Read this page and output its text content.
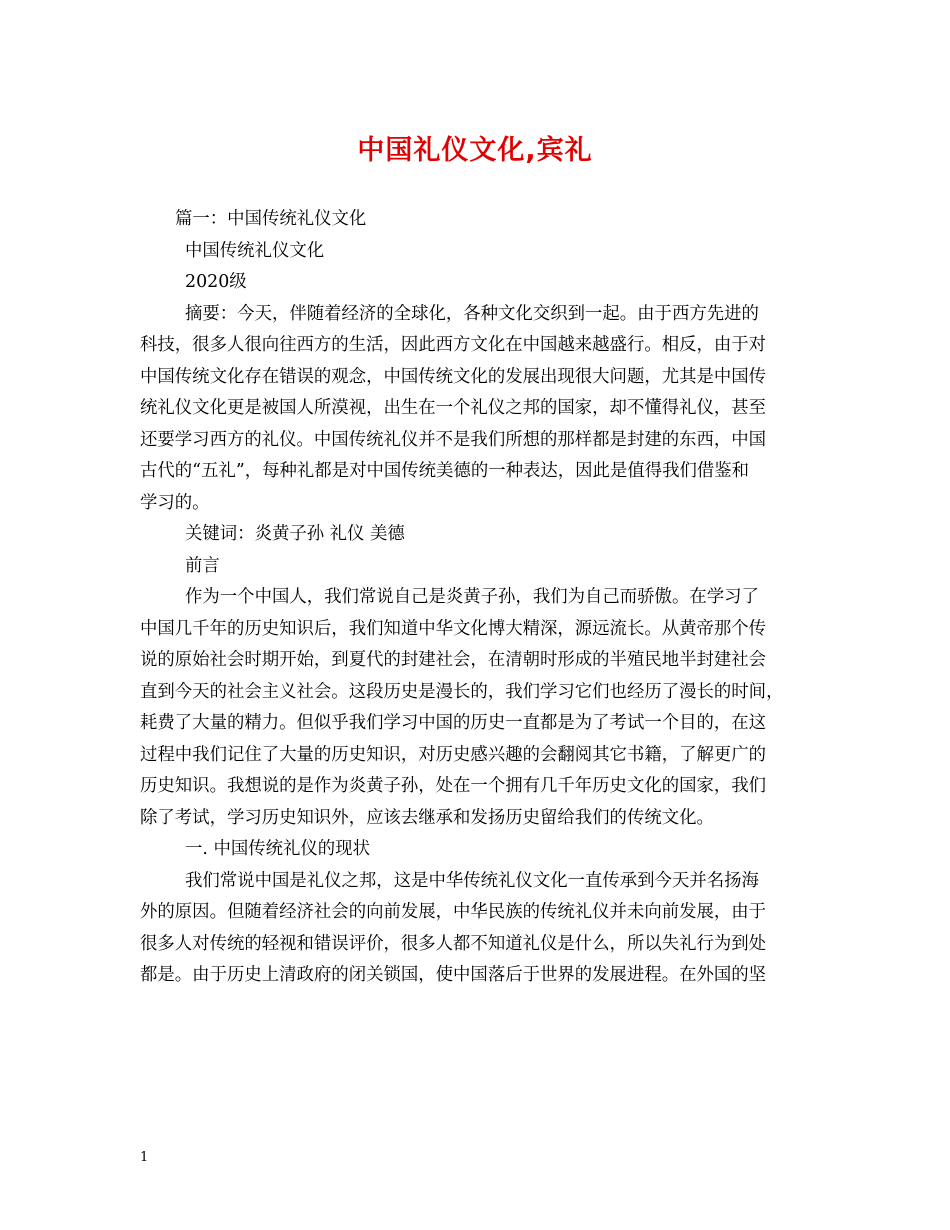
中国礼仪文化,宾礼
篇一：中国传统礼仪文化
中国传统礼仪文化
2020级
摘要：今天，伴随着经济的全球化，各种文化交织到一起。由于西方先进的
科技，很多人很向往西方的生活，因此西方文化在中国越来越盛行。相反，由于对
中国传统文化存在错误的观念，中国传统文化的发展出现很大问题，尤其是中国传
统礼仪文化更是被国人所漠视，出生在一个礼仪之邦的国家，却不懂得礼仪，甚至
还要学习西方的礼仪。中国传统礼仪并不是我们所想的那样都是封建的东西，中国
古代的“五礼”，每种礼都是对中国传统美德的一种表达，因此是值得我们借鉴和
学习的。
关键词：炎黄子孙 礼仪 美德
前言
作为一个中国人，我们常说自己是炎黄子孙，我们为自己而骄傲。在学习了
中国几千年的历史知识后，我们知道中华文化博大精深，源远流长。从黄帝那个传
说的原始社会时期开始，到夏代的封建社会，在清朝时形成的半殖民地半封建社会
直到今天的社会主义社会。这段历史是漫长的，我们学习它们也经历了漫长的时间，
耗费了大量的精力。但似乎我们学习中国的历史一直都是为了考试一个目的，在这
过程中我们记住了大量的历史知识，对历史感兴趣的会翻阅其它书籍，了解更广的
历史知识。我想说的是作为炎黄子孙，处在一个拥有几千年历史文化的国家，我们
除了考试，学习历史知识外，应该去继承和发扬历史留给我们的传统文化。
一. 中国传统礼仪的现状
我们常说中国是礼仪之邦，这是中华传统礼仪文化一直传承到今天并名扬海
外的原因。但随着经济社会的向前发展，中华民族的传统礼仪并未向前发展，由于
很多人对传统的轻视和错误评价，很多人都不知道礼仪是什么，所以失礼行为到处
都是。由于历史上清政府的闭关锁国，使中国落后于世界的发展进程。在外国的坚
1
